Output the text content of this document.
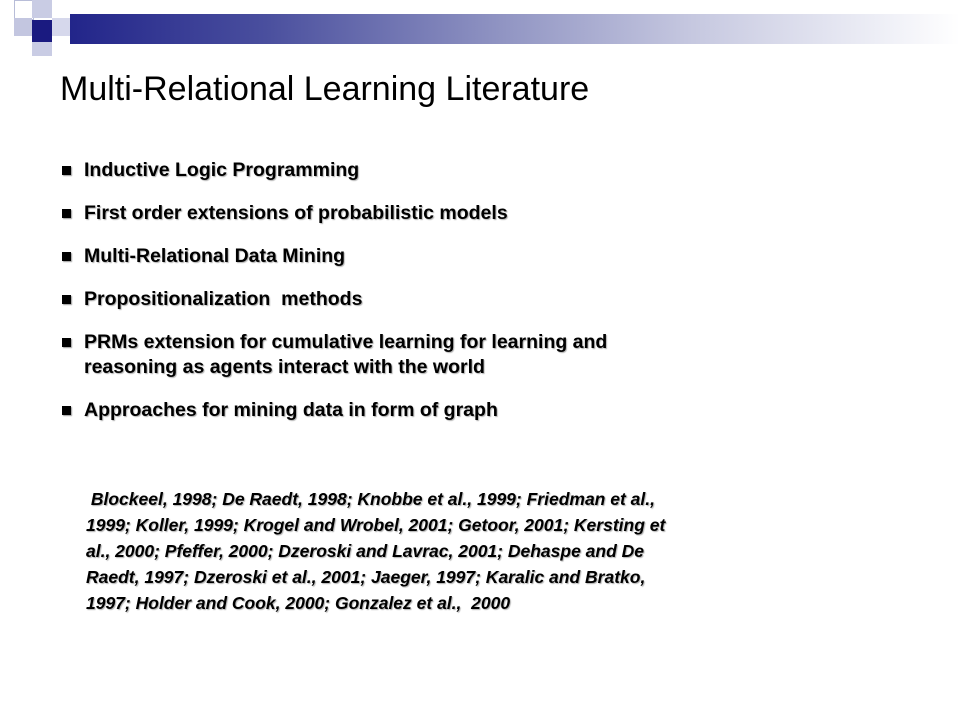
Multi-Relational Learning Literature
Inductive Logic Programming
First order extensions of probabilistic models
Multi-Relational Data Mining
Propositionalization  methods
PRMs extension for cumulative learning for learning and
reasoning as agents interact with the world
Approaches for mining data in form of graph
Blockeel, 1998; De Raedt, 1998; Knobbe et al., 1999; Friedman et al.,
1999; Koller, 1999; Krogel and Wrobel, 2001; Getoor, 2001; Kersting et
al., 2000; Pfeffer, 2000; Dzeroski and Lavrac, 2001; Dehaspe and De
Raedt, 1997; Dzeroski et al., 2001; Jaeger, 1997; Karalic and Bratko,
1997; Holder and Cook, 2000; Gonzalez et al.,  2000
